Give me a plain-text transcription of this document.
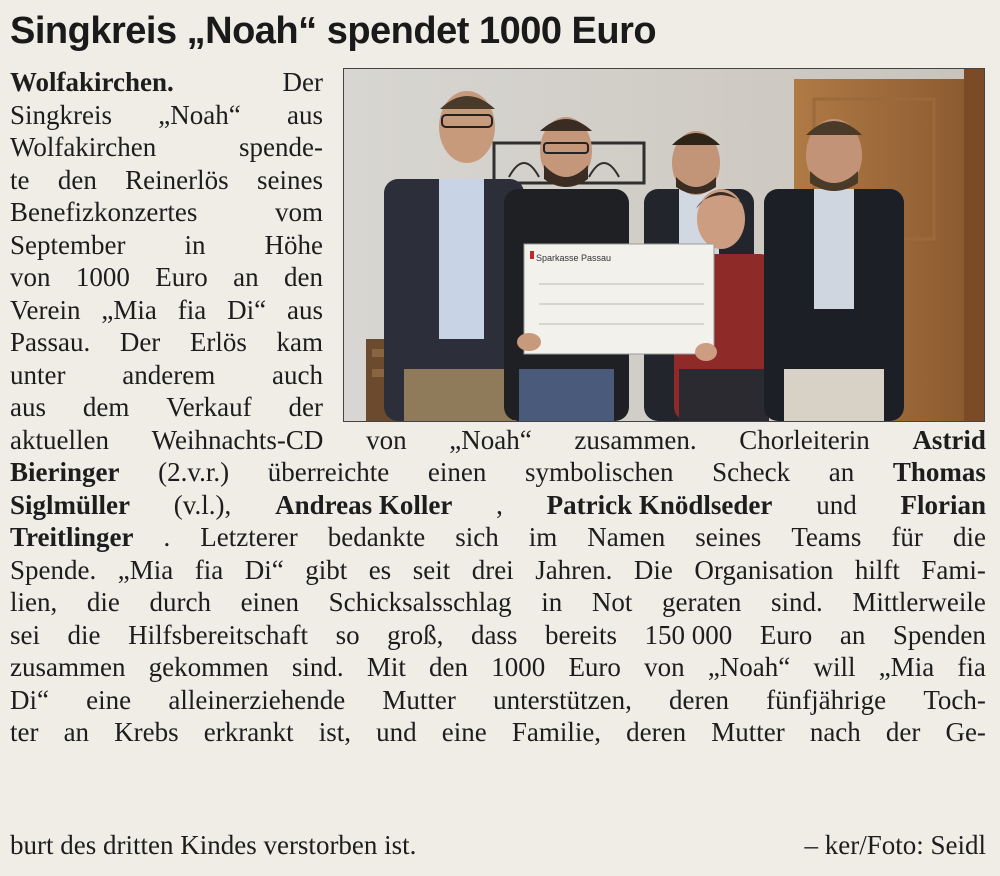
Singkreis „Noah“ spendet 1000 Euro
Sparkasse Passau
Wolfakirchen.	Der
Singkreis „Noah“ aus
Wolfakirchen	spende-
te den Reinerlös seines
Benefizkonzertes	vom
September in Höhe
von 1000 Euro an den
Verein „Mia fia Di“ aus
Passau. Der Erlös kam
unter anderem auch
aus dem Verkauf der
aktuellen Weihnachts-CD von „Noah“ zusammen. Chorleiterin Astrid
Bieringer (2.v.r.) überreichte einen symbolischen Scheck an Thomas
Siglmüller (v.l.), Andreas Koller , Patrick Knödlseder und Florian
Treitlinger . Letzterer bedankte sich im Namen seines Teams für die
Spende. „Mia fia Di“ gibt es seit drei Jahren. Die Organisation hilft Fami-
lien, die durch einen Schicksalsschlag in Not geraten sind. Mittlerweile
sei die Hilfsbereitschaft so groß, dass bereits 150 000 Euro an Spenden
zusammen gekommen sind. Mit den 1000 Euro von „Noah“ will „Mia fia
Di“ eine alleinerziehende Mutter unterstützen, deren fünfjährige Toch-
ter an Krebs erkrankt ist, und eine Familie, deren Mutter nach der Ge-
burt des dritten Kindes verstorben ist.	– ker/Foto: Seidl
